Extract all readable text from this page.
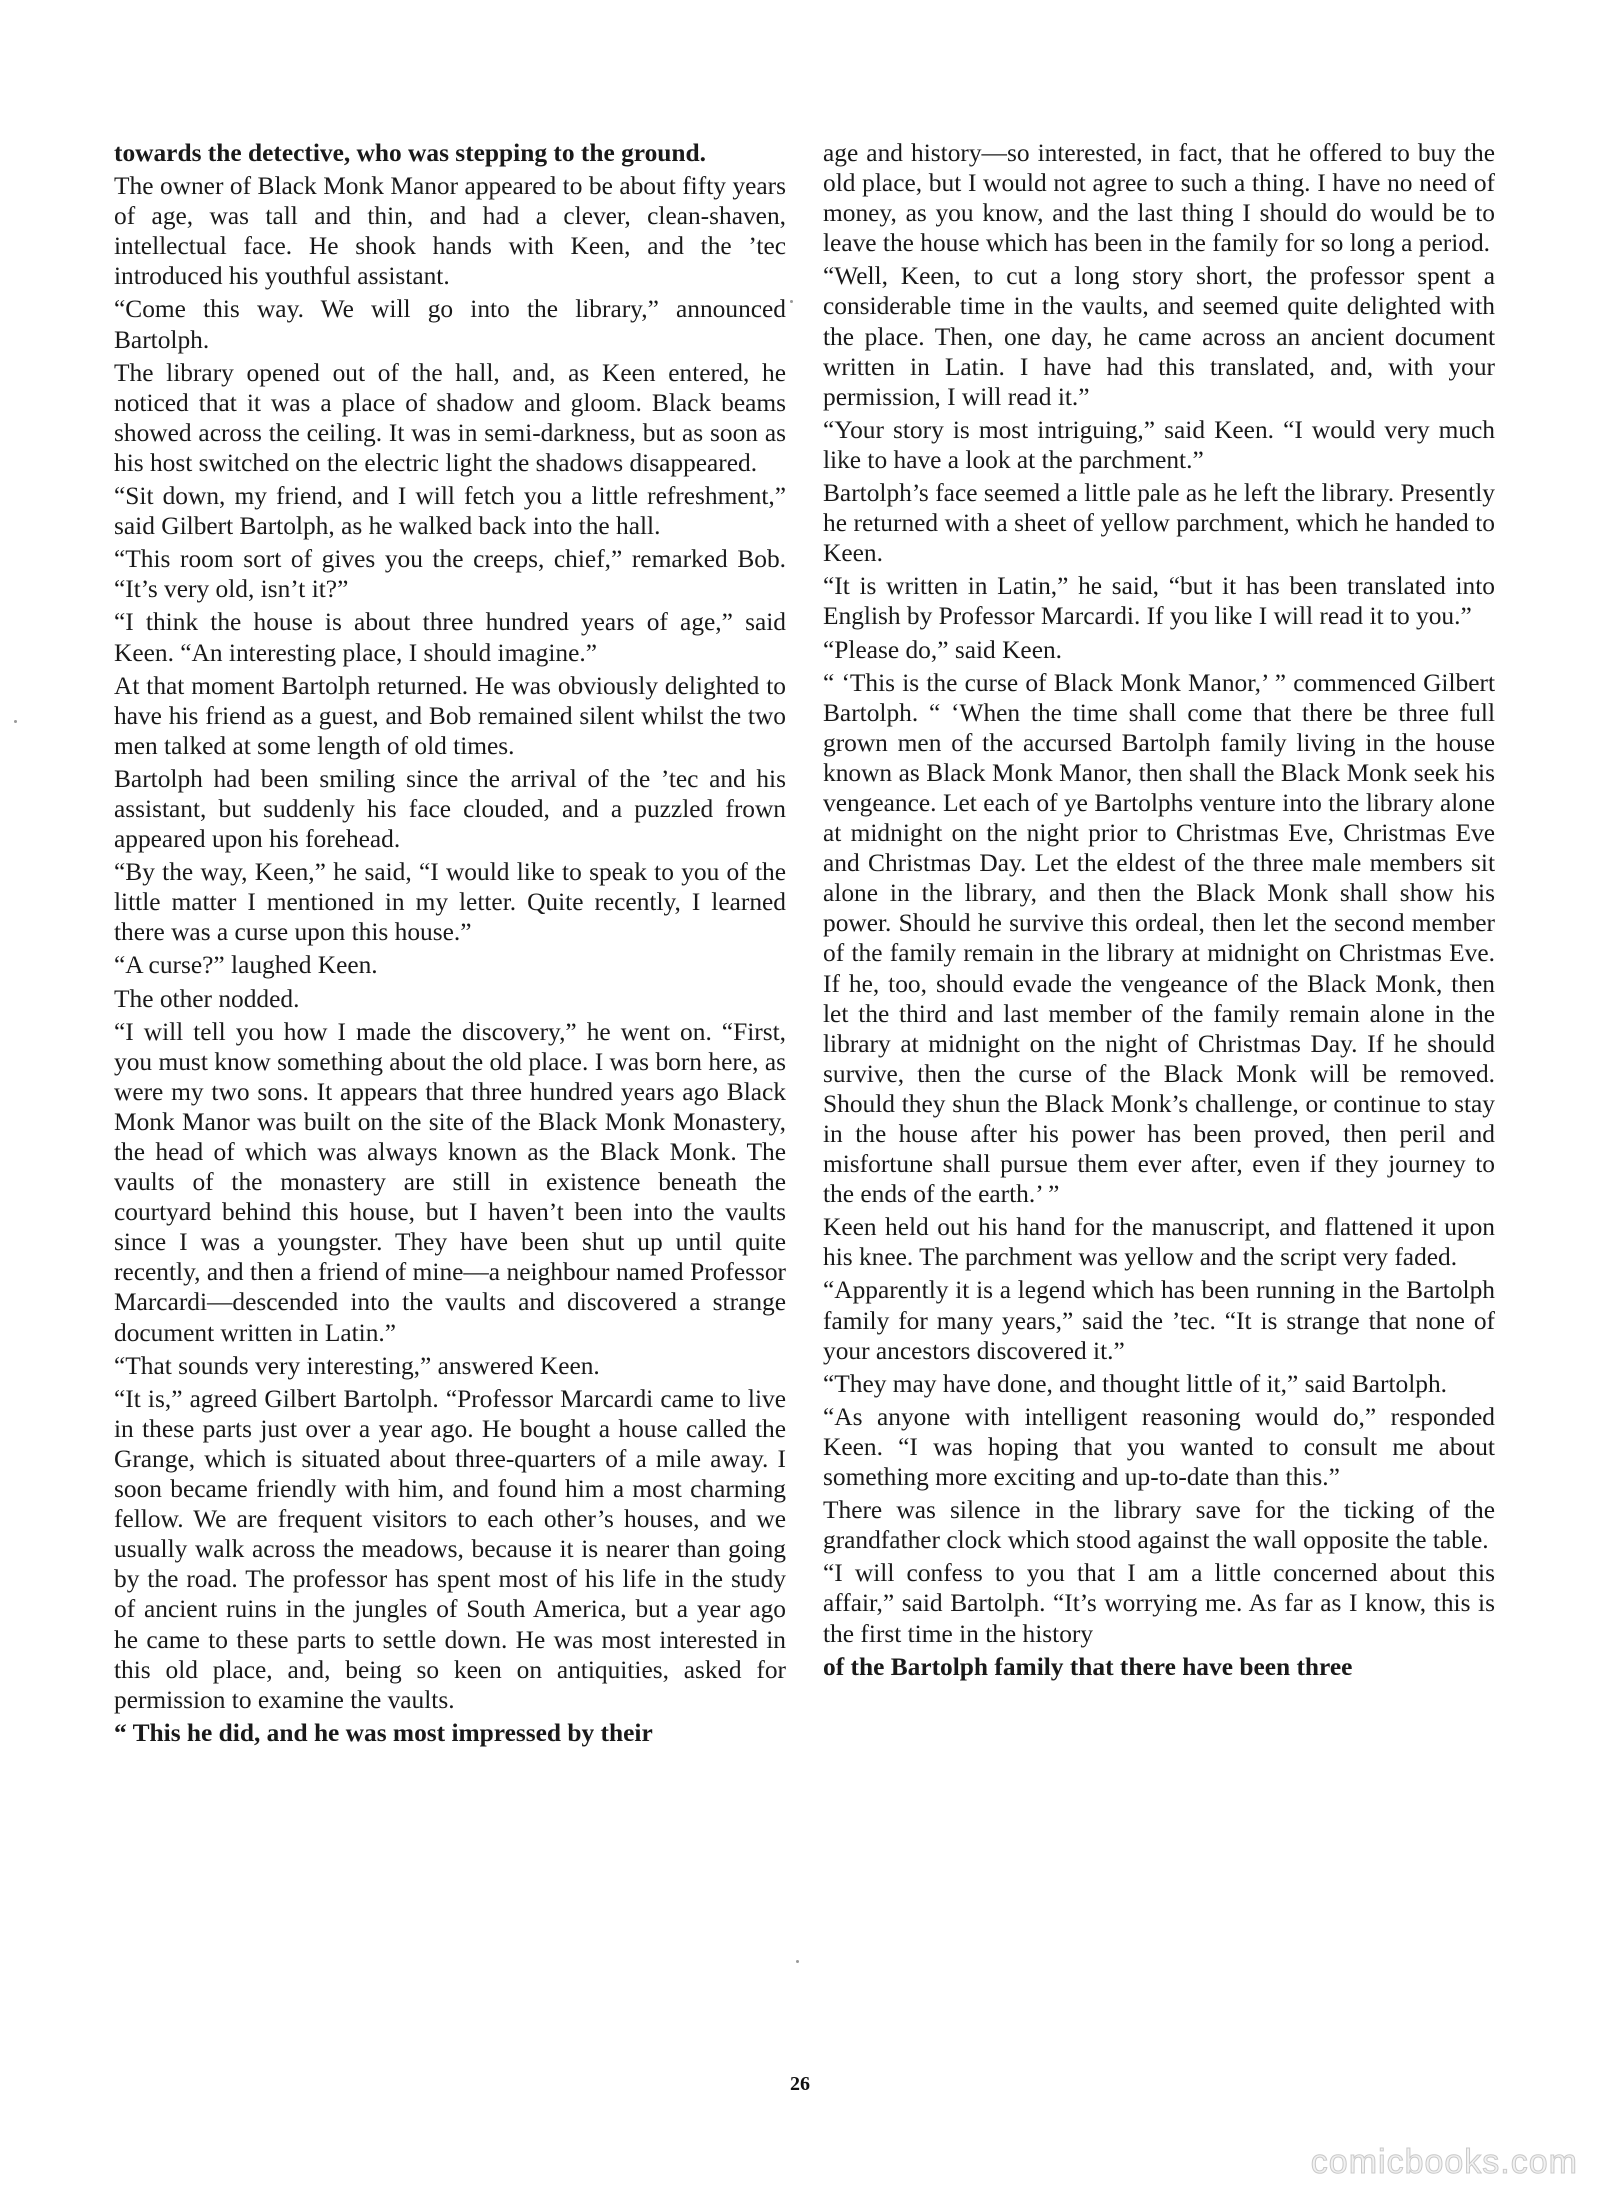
towards the detective, who was stepping to the ground.

The owner of Black Monk Manor appeared to be about fifty years of age, was tall and thin, and had a clever, clean-shaven, intellectual face. He shook hands with Keen, and the ’tec introduced his youthful assistant.

“Come this way. We will go into the library,” announced Bartolph.

The library opened out of the hall, and, as Keen entered, he noticed that it was a place of shadow and gloom. Black beams showed across the ceiling. It was in semi-darkness, but as soon as his host switched on the electric light the shadows disappeared.

“Sit down, my friend, and I will fetch you a little refreshment,” said Gilbert Bartolph, as he walked back into the hall.

“This room sort of gives you the creeps, chief,” remarked Bob. “It’s very old, isn’t it?”

“I think the house is about three hundred years of age,” said Keen. “An interesting place, I should imagine.”

At that moment Bartolph returned. He was obviously delighted to have his friend as a guest, and Bob remained silent whilst the two men talked at some length of old times.

Bartolph had been smiling since the arrival of the ’tec and his assistant, but suddenly his face clouded, and a puzzled frown appeared upon his forehead.

“By the way, Keen,” he said, “I would like to speak to you of the little matter I mentioned in my letter. Quite recently, I learned there was a curse upon this house.”

“A curse?” laughed Keen.

The other nodded.

“I will tell you how I made the discovery,” he went on. “First, you must know something about the old place. I was born here, as were my two sons. It appears that three hundred years ago Black Monk Manor was built on the site of the Black Monk Monastery, the head of which was always known as the Black Monk. The vaults of the monastery are still in existence beneath the courtyard behind this house, but I haven’t been into the vaults since I was a youngster. They have been shut up until quite recently, and then a friend of mine—a neighbour named Professor Marcardi—descended into the vaults and discovered a strange document written in Latin.”

“That sounds very interesting,” answered Keen.

“It is,” agreed Gilbert Bartolph. “Professor Marcardi came to live in these parts just over a year ago. He bought a house called the Grange, which is situated about three-quarters of a mile away. I soon became friendly with him, and found him a most charming fellow. We are frequent visitors to each other’s houses, and we usually walk across the meadows, because it is nearer than going by the road. The professor has spent most of his life in the study of ancient ruins in the jungles of South America, but a year ago he came to these parts to settle down. He was most interested in this old place, and, being so keen on antiquities, asked for permission to examine the vaults.

“ This he did, and he was most impressed by their

age and history—so interested, in fact, that he offered to buy the old place, but I would not agree to such a thing. I have no need of money, as you know, and the last thing I should do would be to leave the house which has been in the family for so long a period.

“Well, Keen, to cut a long story short, the professor spent a considerable time in the vaults, and seemed quite delighted with the place. Then, one day, he came across an ancient document written in Latin. I have had this translated, and, with your permission, I will read it.”

“Your story is most intriguing,” said Keen. “I would very much like to have a look at the parchment.”

Bartolph’s face seemed a little pale as he left the library. Presently he returned with a sheet of yellow parchment, which he handed to Keen.

“It is written in Latin,” he said, “but it has been translated into English by Professor Marcardi. If you like I will read it to you.”

“Please do,” said Keen.

“ ‘This is the curse of Black Monk Manor,’ ” commenced Gilbert Bartolph. “ ‘When the time shall come that there be three full grown men of the accursed Bartolph family living in the house known as Black Monk Manor, then shall the Black Monk seek his vengeance. Let each of ye Bartolphs venture into the library alone at midnight on the night prior to Christmas Eve, Christmas Eve and Christmas Day. Let the eldest of the three male members sit alone in the library, and then the Black Monk shall show his power. Should he survive this ordeal, then let the second member of the family remain in the library at midnight on Christmas Eve. If he, too, should evade the vengeance of the Black Monk, then let the third and last member of the family remain alone in the library at midnight on the night of Christmas Day. If he should survive, then the curse of the Black Monk will be removed. Should they shun the Black Monk’s challenge, or continue to stay in the house after his power has been proved, then peril and misfortune shall pursue them ever after, even if they journey to the ends of the earth.’ ”

Keen held out his hand for the manuscript, and flattened it upon his knee. The parchment was yellow and the script very faded.

“Apparently it is a legend which has been running in the Bartolph family for many years,” said the ’tec. “It is strange that none of your ancestors discovered it.”

“They may have done, and thought little of it,” said Bartolph.

“As anyone with intelligent reasoning would do,” responded Keen. “I was hoping that you wanted to consult me about something more exciting and up-to-date than this.”

There was silence in the library save for the ticking of the grandfather clock which stood against the wall opposite the table.

“I will confess to you that I am a little concerned about this affair,” said Bartolph. “It’s worrying me. As far as I know, this is the first time in the history

of the Bartolph family that there have been three

26
comicbooks.com
